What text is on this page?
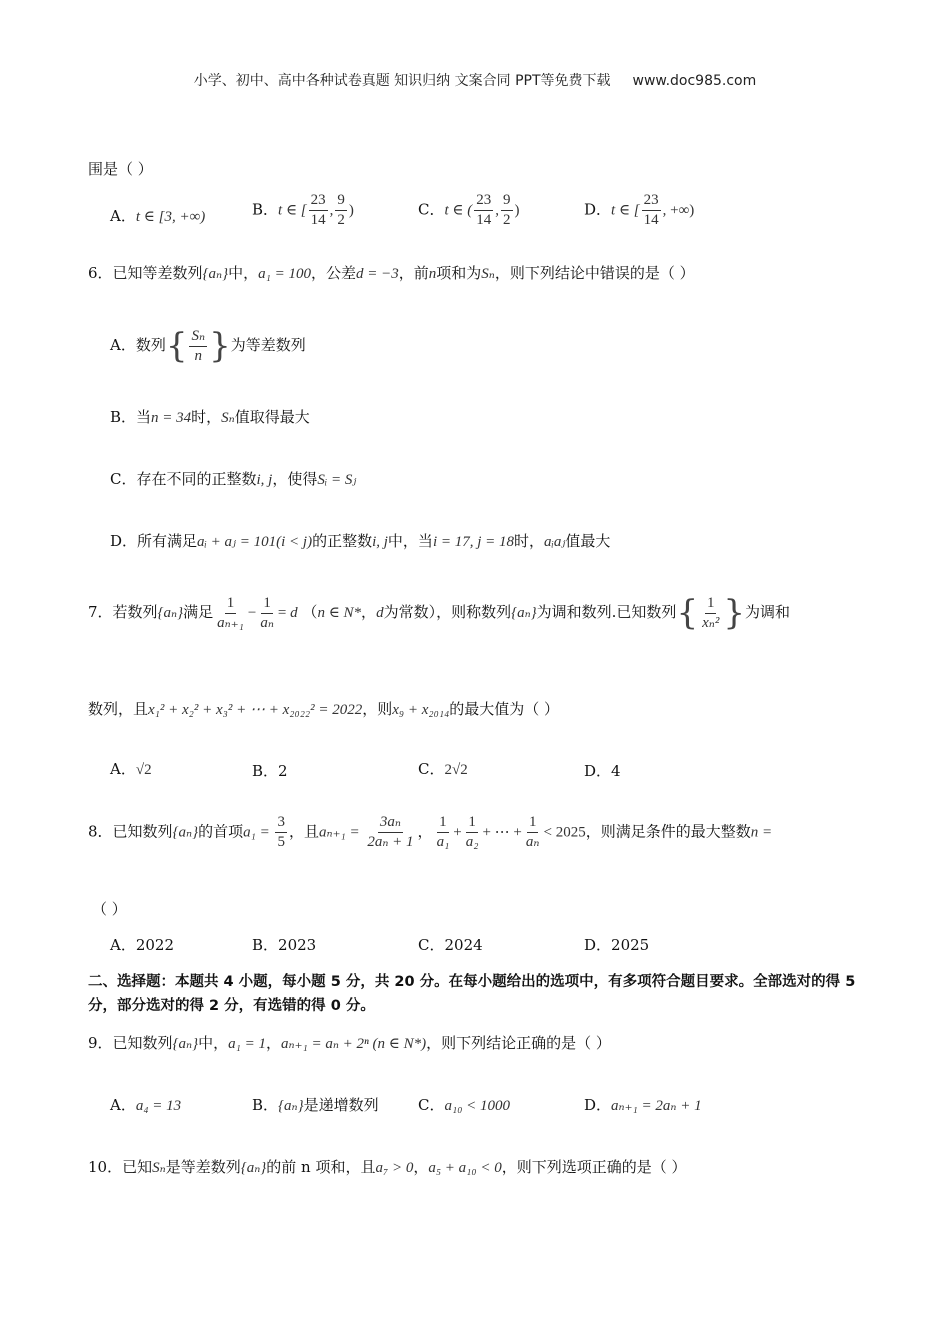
小学、初中、高中各种试卷真题 知识归纳 文案合同 PPT等免费下载 www.doc985.com
围是（ ）
A．t ∈ [3, +∞)	B．t ∈ [ $\frac{23}{14}$ , $\frac{9}{2}$ )	C．t ∈ ( $\frac{23}{14}$ , $\frac{9}{2}$ )	D．t ∈ [ $\frac{23}{14}$ , +∞)
6．已知等差数列{aₙ}中，a₁ = 100，公差d = −3，前n项和为Sₙ，则下列结论中错误的是（ ）
A．数列{ $\frac{\text{Sₙ}}{n}$ }为等差数列
B．当n = 34时，Sₙ值取得最大
C．存在不同的正整数i, j，使得Sᵢ = Sⱼ
D．所有满足aᵢ + aⱼ = 101(i < j)的正整数i, j中，当i = 17, j = 18时，aᵢaⱼ值最大
7．若数列{aₙ}满足 $\frac{1}{\text{aₙ₊₁}} - \frac{1}{\text{aₙ}} = d$ （n ∈ N*，d为常数），则称数列{aₙ}为调和数列.已知数列{ $\frac{1}{\text{xₙ²}}$ }为调和
数列，且x₁² + x₂² + x₃² + ⋯ + x₂₀₂₂² = 2022，则x₉ + x₂₀₁₄的最大值为（ ）
A．√2	B．2	C．2√2	D．4
8．已知数列{aₙ}的首项$a_1 = \frac{3}{5}$ ，且$a_{n+1} = \frac{\text{3aₙ}}{\text{2aₙ + 1}}$ ， $\frac{1}{\text{a₁}} + \frac{1}{\text{a₂}}$ + ⋯ + $\frac{1}{\text{aₙ}} < 2025$，则满足条件的最大整数n =
（ ）
A．2022	B．2023	C．2024	D．2025
二、选择题：本题共 4 小题，每小题 5 分，共 20 分。在每小题给出的选项中，有多项符合题目要求。全部选对的得 5 分，部分选对的得 2 分，有选错的得 0 分。
9．已知数列{aₙ}中，a₁ = 1，aₙ₊₁ = aₙ + 2ⁿ (n ∈ N*)，则下列结论正确的是（ ）
A．a₄ = 13	B．{aₙ}是递增数列	C．a₁₀ < 1000	D．aₙ₊₁ = 2aₙ + 1
10．已知Sₙ是等差数列{aₙ}的前 n 项和，且a₇ > 0，a₅ + a₁₀ < 0，则下列选项正确的是（ ）
